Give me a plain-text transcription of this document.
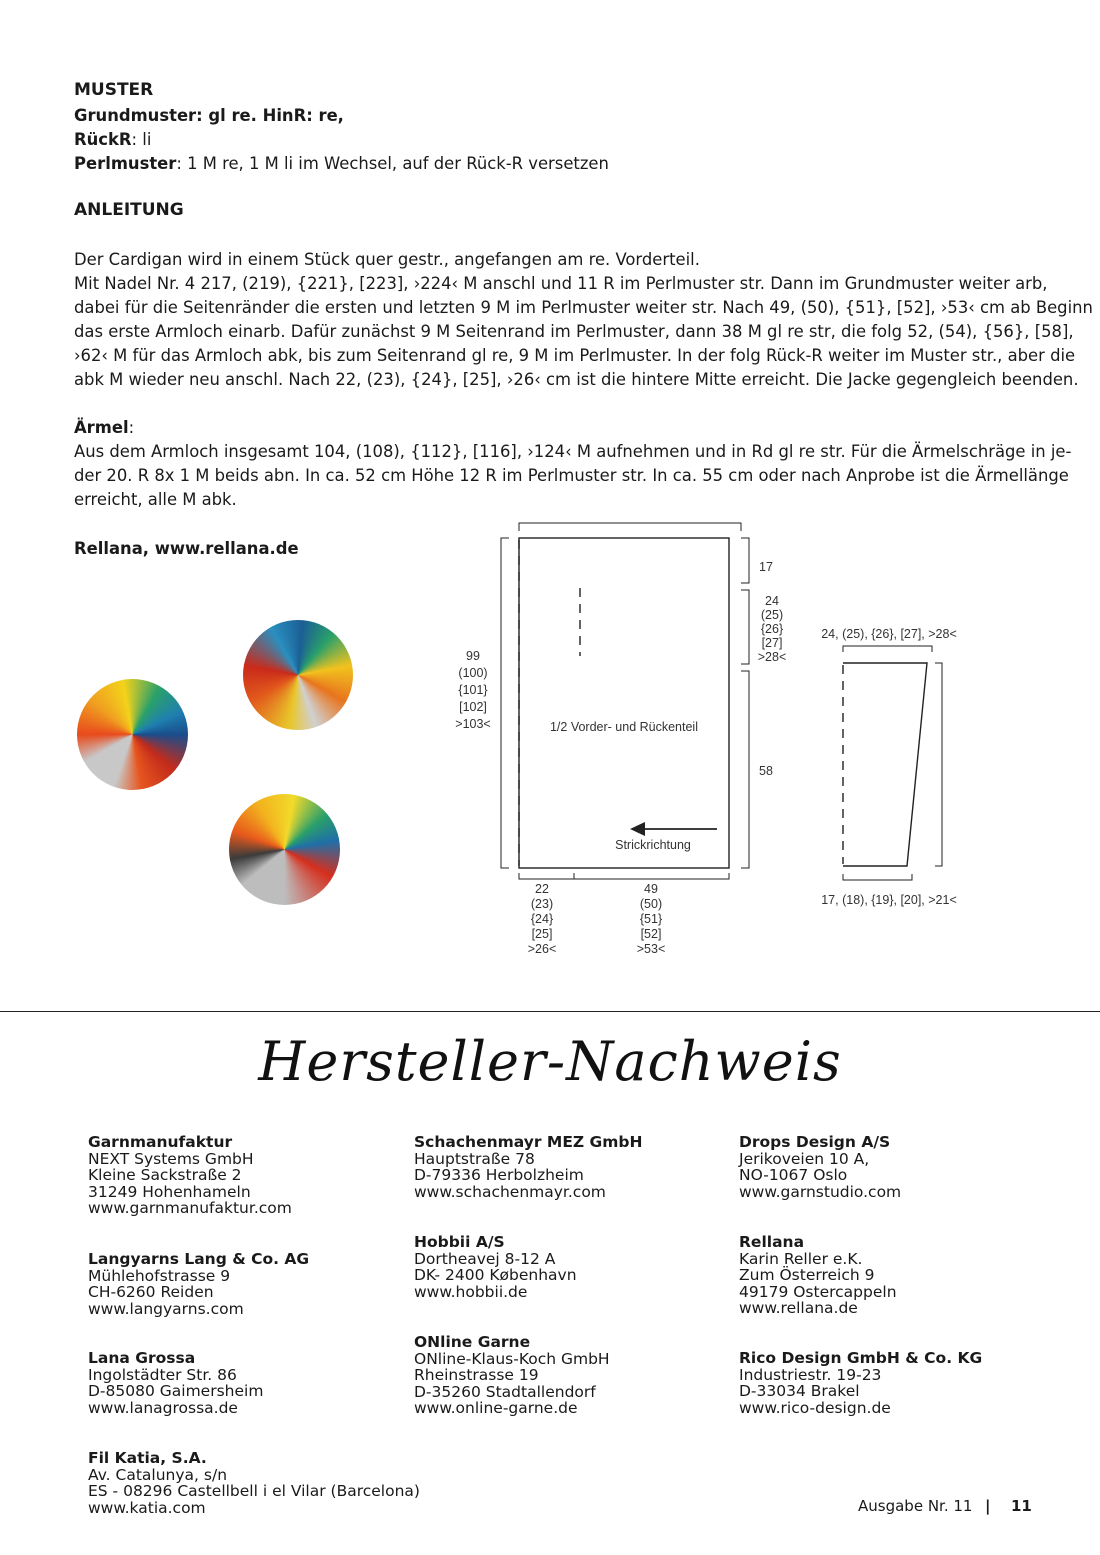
MUSTER
Grundmuster: gl re. HinR: re,
RückR: li
Perlmuster: 1 M re, 1 M li im Wechsel, auf der Rück-R versetzen
ANLEITUNG
Der Cardigan wird in einem Stück quer gestr., angefangen am re. Vorderteil.
Mit Nadel Nr. 4 217, (219), {221}, [223], ›224‹ M anschl und 11 R im Perlmuster str. Dann im Grundmuster weiter arb,
dabei für die Seitenränder die ersten und letzten 9 M im Perlmuster weiter str. Nach 49, (50), {51}, [52], ›53‹ cm ab Beginn
das erste Armloch einarb. Dafür zunächst 9 M Seitenrand im Perlmuster, dann 38 M gl re str, die folg 52, (54), {56}, [58],
›62‹ M für das Armloch abk, bis zum Seitenrand gl re, 9 M im Perlmuster. In der folg Rück-R weiter im Muster str., aber die
abk M wieder neu anschl. Nach 22, (23), {24}, [25], ›26‹ cm ist die hintere Mitte erreicht. Die Jacke gegengleich beenden.
Ärmel:
Aus dem Armloch insgesamt 104, (108), {112}, [116], ›124‹ M aufnehmen und in Rd gl re str. Für die Ärmelschräge in je-
der 20. R 8x 1 M beids abn. In ca. 52 cm Höhe 12 R im Perlmuster str. In ca. 55 cm oder nach Anprobe ist die Ärmellänge
erreicht, alle M abk.
Rellana, www.rellana.de
1/2 Vorder- und Rückenteil
Strickrichtung
99
(100)
{101}
[102]
>103<
17
24
(25)
{26}
[27]
>28<
58
22
(23)
{24}
[25]
>26<
49
(50)
{51}
[52]
>53<
24, (25), {26}, [27], >28<
17, (18), {19}, [20], >21<
Hersteller-Nachweis
Garnmanufaktur
NEXT Systems GmbH
Kleine Sackstraße 2
31249 Hohenhameln
www.garnmanufaktur.com
Langyarns Lang & Co. AG
Mühlehofstrasse 9
CH-6260 Reiden
www.langyarns.com
Lana Grossa
Ingolstädter Str. 86
D-85080 Gaimersheim
www.lanagrossa.de
Fil Katia, S.A.
Av. Catalunya, s/n
ES - 08296 Castellbell i el Vilar (Barcelona)
www.katia.com
Schachenmayr MEZ GmbH
Hauptstraße 78
D-79336 Herbolzheim
www.schachenmayr.com
Hobbii A/S
Dortheavej 8-12 A
DK- 2400 København
www.hobbii.de
ONline Garne
ONline-Klaus-Koch GmbH
Rheinstrasse 19
D-35260 Stadtallendorf
www.online-garne.de
Drops Design A/S
Jerikoveien 10 A,
NO-1067 Oslo
www.garnstudio.com
Rellana
Karin Reller e.K.
Zum Österreich 9
49179 Ostercappeln
www.rellana.de
Rico Design GmbH & Co. KG
Industriestr. 19-23
D-33034 Brakel
www.rico-design.de
Ausgabe Nr. 11 | 11
